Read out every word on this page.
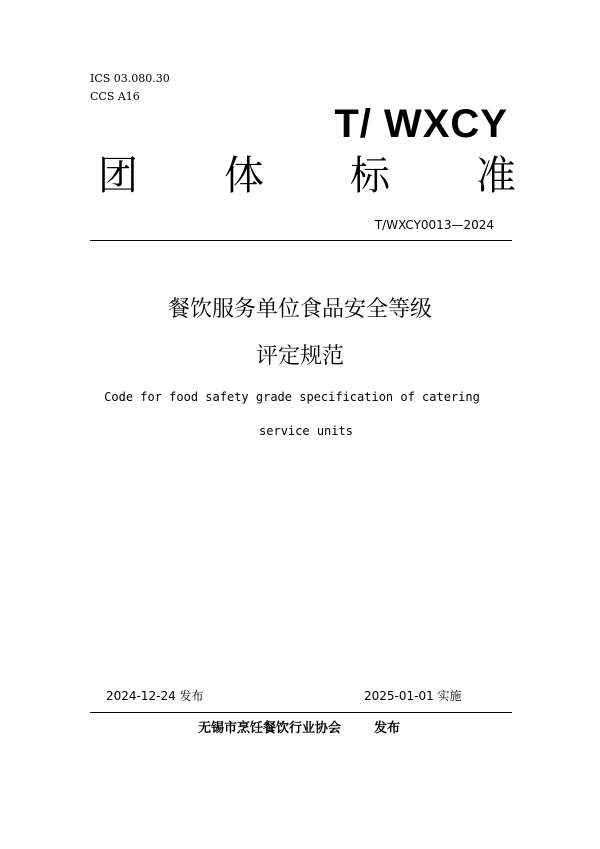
ICS 03.080.30
CCS A16
T/ WXCY
团 体 标 准
T/WXCY0013—2024
餐饮服务单位食品安全等级
评定规范
Code for food safety grade specification of catering
service units
2024-12-24 发布	2025-01-01 实施
无锡市烹饪餐饮行业协会	发布
